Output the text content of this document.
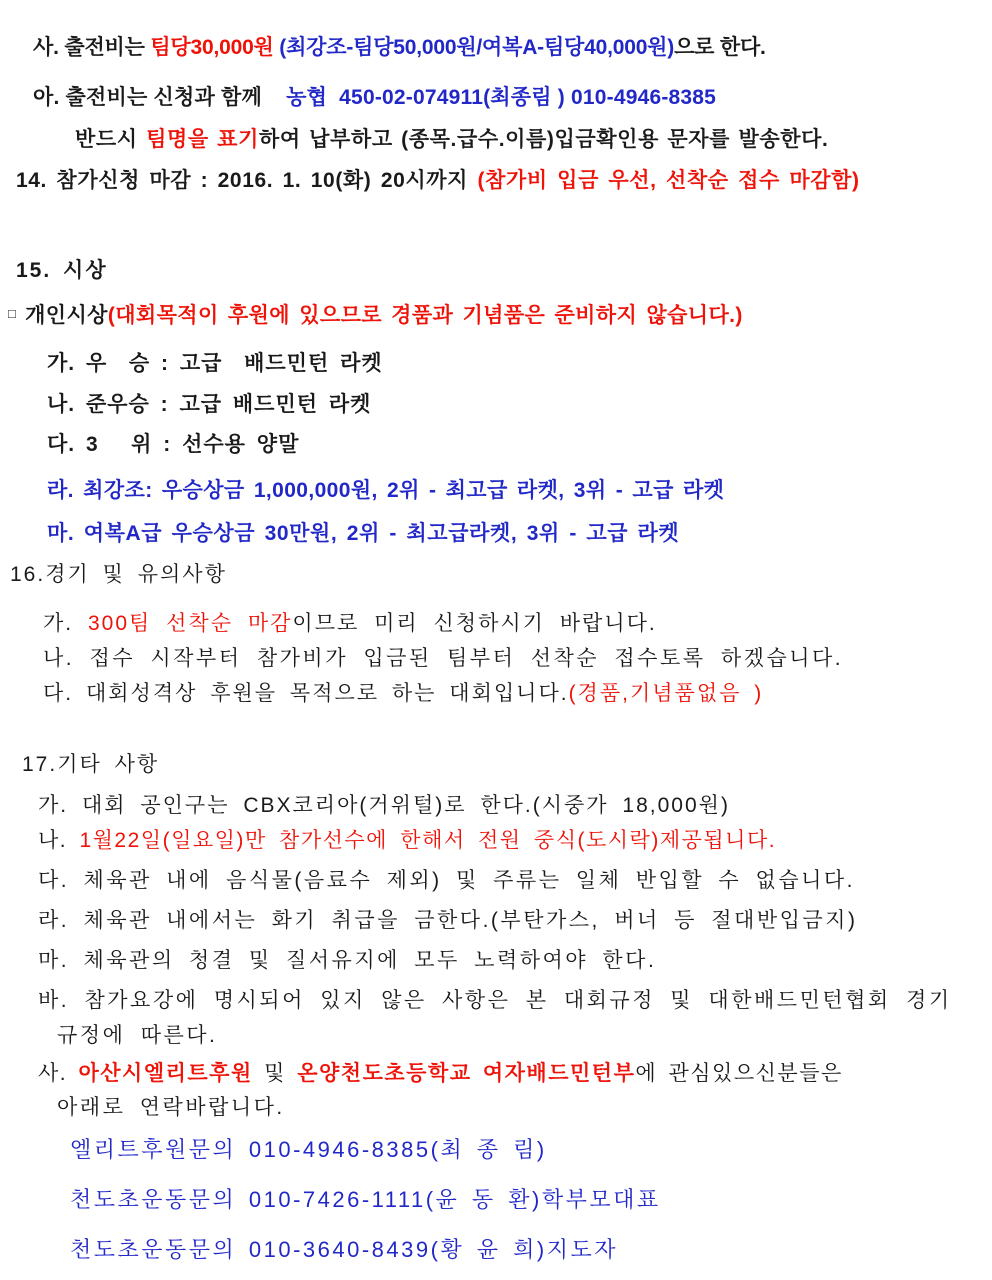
사. 출전비는 팀당30,000원 (최강조-팀당50,000원/여복A-팀당40,000원)으로 한다.
아. 출전비는 신청과 함께    농협  450-02-074911(최종림 ) 010-4946-8385
반드시 팀명을 표기하여 납부하고 (종목.급수.이름)입금확인용 문자를 발송한다.
14. 참가신청 마감 : 2016. 1. 10(화) 20시까지 (참가비 입금 우선, 선착순 접수 마감함)
15. 시상
□ 개인시상(대회목적이 후원에 있으므로 경품과 기념품은 준비하지 않습니다.)
가. 우  승 : 고급  배드민턴 라켓
나. 준우승 : 고급 배드민턴 라켓
다. 3   위 : 선수용 양말
라. 최강조: 우승상금 1,000,000원, 2위 - 최고급 라켓, 3위 - 고급 라켓
마. 여복A급 우승상금 30만원, 2위 - 최고급라켓, 3위 - 고급 라켓
16.경기 및 유의사항
가. 300팀 선착순 마감이므로 미리 신청하시기 바랍니다.
나. 접수 시작부터 참가비가 입금된 팀부터 선착순 접수토록 하겠습니다.
다. 대회성격상 후원을 목적으로 하는 대회입니다.(경품,기념품없음 )
17.기타 사항
가. 대회 공인구는 CBX코리아(거위털)로 한다.(시중가 18,000원)
나. 1월22일(일요일)만 참가선수에 한해서 전원 중식(도시락)제공됩니다.
다. 체육관 내에 음식물(음료수 제외) 및 주류는 일체 반입할 수 없습니다.
라. 체육관 내에서는 화기 취급을 금한다.(부탄가스, 버너 등 절대반입금지)
마. 체육관의 청결 및 질서유지에 모두 노력하여야 한다.
바. 참가요강에 명시되어 있지 않은 사항은 본 대회규정 및 대한배드민턴협회 경기
규정에 따른다.
사. 아산시엘리트후원 및 온양천도초등학교 여자배드민턴부에 관심있으신분들은
아래로 연락바랍니다.
엘리트후원문의 010-4946-8385(최 종 림)
천도초운동문의 010-7426-1111(윤 동 환)학부모대표
천도초운동문의 010-3640-8439(황 윤 희)지도자
